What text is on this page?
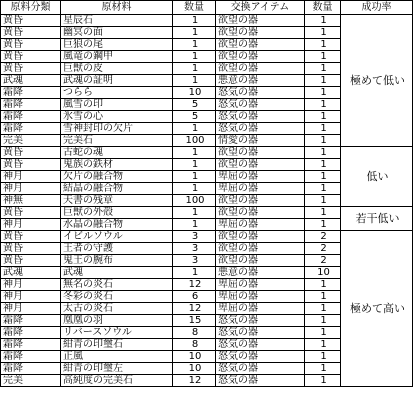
原料分類	原材料	数量	交換アイテム	数量	成功率
黄昏	星辰石	1	欲望の器	1	極めて低い
黄昏	幽冥の面	1	欲望の器	1	
黄昏	巨狼の尾	1	欲望の器	1	
黄昏	風竜の鋼甲	1	欲望の器	1	
黄昏	巨獣の皮	1	欲望の器	1	
武魂	武魂の証明	1	悪意の器	1	
霜降	つらら	10	怒気の器	1	
霜降	風雪の印	5	怒気の器	1	
霜降	氷雪の心	5	怒気の器	1	
霜降	雪神封印の欠片	1	怒気の器	1	
完美	完美石	100	情愛の器	1	
黄昏	古蛇の魂	1	欲望の器	1	低い
黄昏	鬼族の鉄材	1	欲望の器	1	
神月	欠片の融合物	1	卑屈の器	1	
神月	結晶の融合物	1	卑屈の器	1	
神無	天書の残章	100	欲望の器	1	
黄昏	巨獣の外殻	1	欲望の器	1	若干低い
神月	水晶の融合物	1	卑屈の器	1	
黄昏	イビルソウル	3	欲望の器	2	極めて高い
黄昏	王者の守護	3	欲望の器	2	
黄昏	鬼王の腕布	3	欲望の器	2	
武魂	武魂	1	悪意の器	10	
神月	無名の炎石	12	卑屈の器	1	
神月	冬彩の炎石	6	卑屈の器	1	
神月	太古の炎石	12	卑屈の器	1	
霜降	凰凰の羽	15	怒気の器	1	
霜降	リバースソウル	8	怒気の器	1	
霜降	紺青の印璽石	8	怒気の器	1	
霜降	正風	10	怒気の器	1	
霜降	紺青の印璽左	10	怒気の器	1	
完美	高純度の完美石	12	怒気の器	1	
